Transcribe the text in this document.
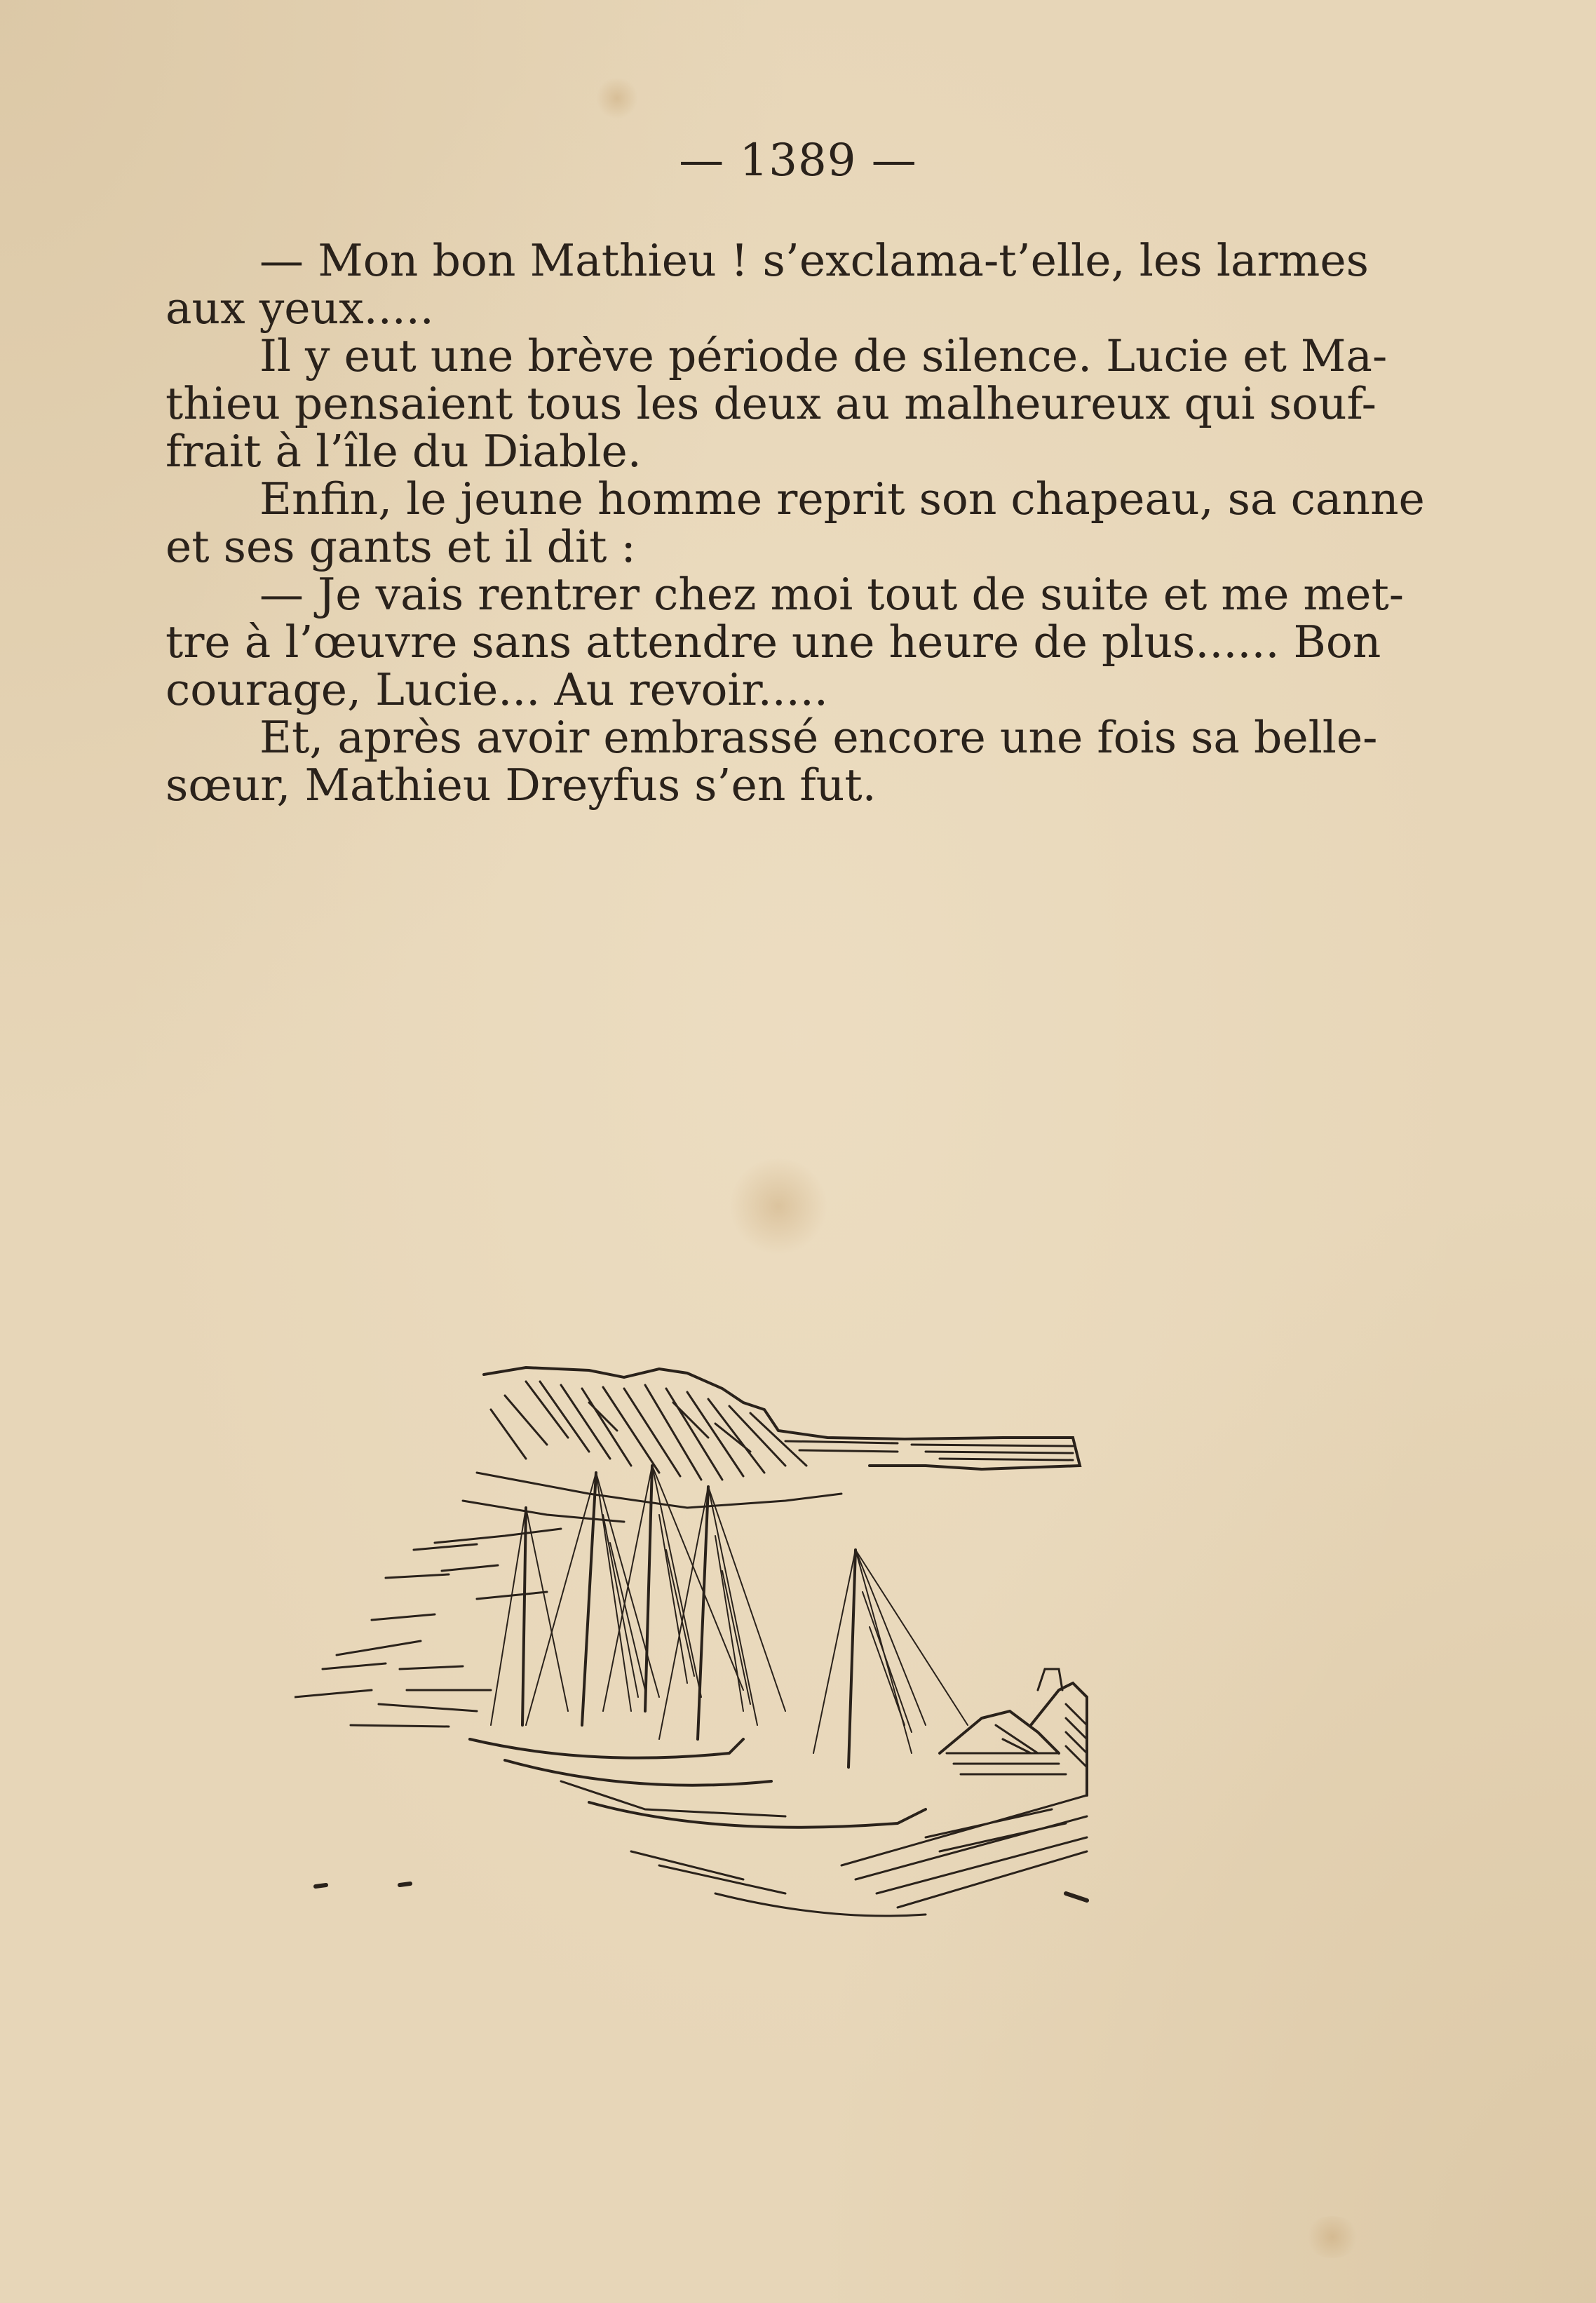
— 1389 —
— Mon bon Mathieu ! s’exclama-t’elle, les larmes
aux yeux.....
Il y eut une brève période de silence. Lucie et Ma-
thieu pensaient tous les deux au malheureux qui souf-
frait à l’île du Diable.
Enfin, le jeune homme reprit son chapeau, sa canne
et ses gants et il dit :
— Je vais rentrer chez moi tout de suite et me met-
tre à l’œuvre sans attendre une heure de plus...... Bon
courage, Lucie... Au revoir.....
Et, après avoir embrassé encore une fois sa belle-
sœur, Mathieu Dreyfus s’en fut.
